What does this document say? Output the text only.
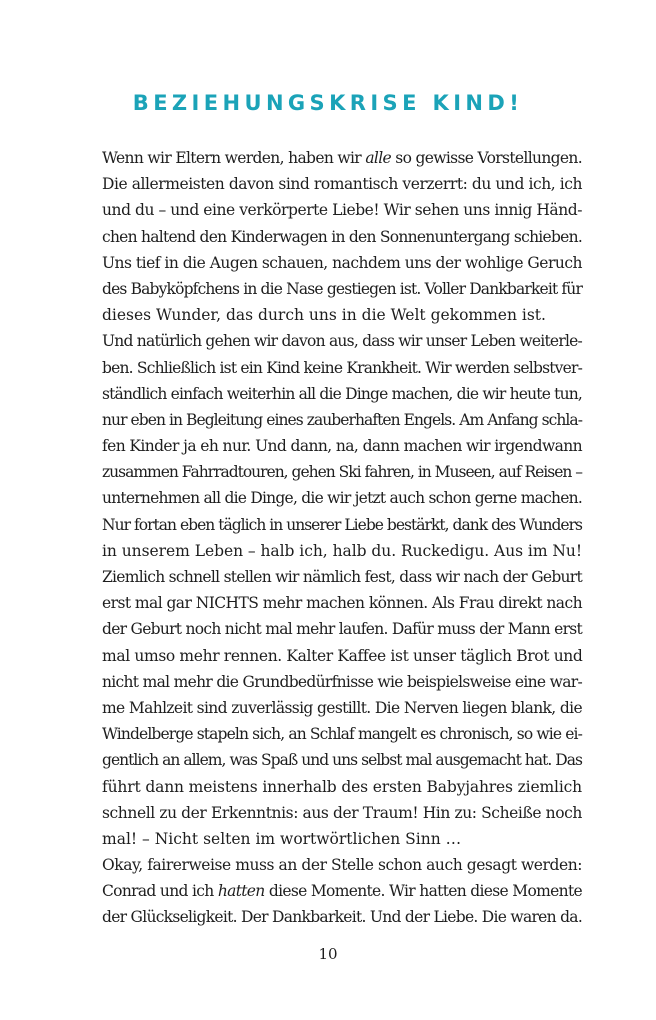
BEZIEHUNGSKRISE KIND!
Wenn wir Eltern werden, haben wir alle so gewisse Vorstellungen.
Die allermeisten davon sind romantisch verzerrt: du und ich, ich
und du – und eine verkörperte Liebe! Wir sehen uns innig Händ-
chen haltend den Kinderwagen in den Sonnenuntergang schieben.
Uns tief in die Augen schauen, nachdem uns der wohlige Geruch
des Babyköpfchens in die Nase gestiegen ist. Voller Dankbarkeit für
dieses Wunder, das durch uns in die Welt gekommen ist.
Und natürlich gehen wir davon aus, dass wir unser Leben weiterle-
ben. Schließlich ist ein Kind keine Krankheit. Wir werden selbstver-
ständlich einfach weiterhin all die Dinge machen, die wir heute tun,
nur eben in Begleitung eines zauberhaften Engels. Am Anfang schla-
fen Kinder ja eh nur. Und dann, na, dann machen wir irgendwann
zusammen Fahrradtouren, gehen Ski fahren, in Museen, auf Reisen –
unternehmen all die Dinge, die wir jetzt auch schon gerne machen.
Nur fortan eben täglich in unserer Liebe bestärkt, dank des Wunders
in unserem Leben – halb ich, halb du. Ruckedigu. Aus im Nu!
Ziemlich schnell stellen wir nämlich fest, dass wir nach der Geburt
erst mal gar NICHTS mehr machen können. Als Frau direkt nach
der Geburt noch nicht mal mehr laufen. Dafür muss der Mann erst
mal umso mehr rennen. Kalter Kaffee ist unser täglich Brot und
nicht mal mehr die Grundbedürfnisse wie beispielsweise eine war-
me Mahlzeit sind zuverlässig gestillt. Die Nerven liegen blank, die
Windelberge stapeln sich, an Schlaf mangelt es chronisch, so wie ei-
gentlich an allem, was Spaß und uns selbst mal ausgemacht hat. Das
führt dann meistens innerhalb des ersten Babyjahres ziemlich
schnell zu der Erkenntnis: aus der Traum! Hin zu: Scheiße noch
mal! – Nicht selten im wortwörtlichen Sinn …
Okay, fairerweise muss an der Stelle schon auch gesagt werden:
Conrad und ich hatten diese Momente. Wir hatten diese Momente
der Glückseligkeit. Der Dankbarkeit. Und der Liebe. Die waren da.
10
